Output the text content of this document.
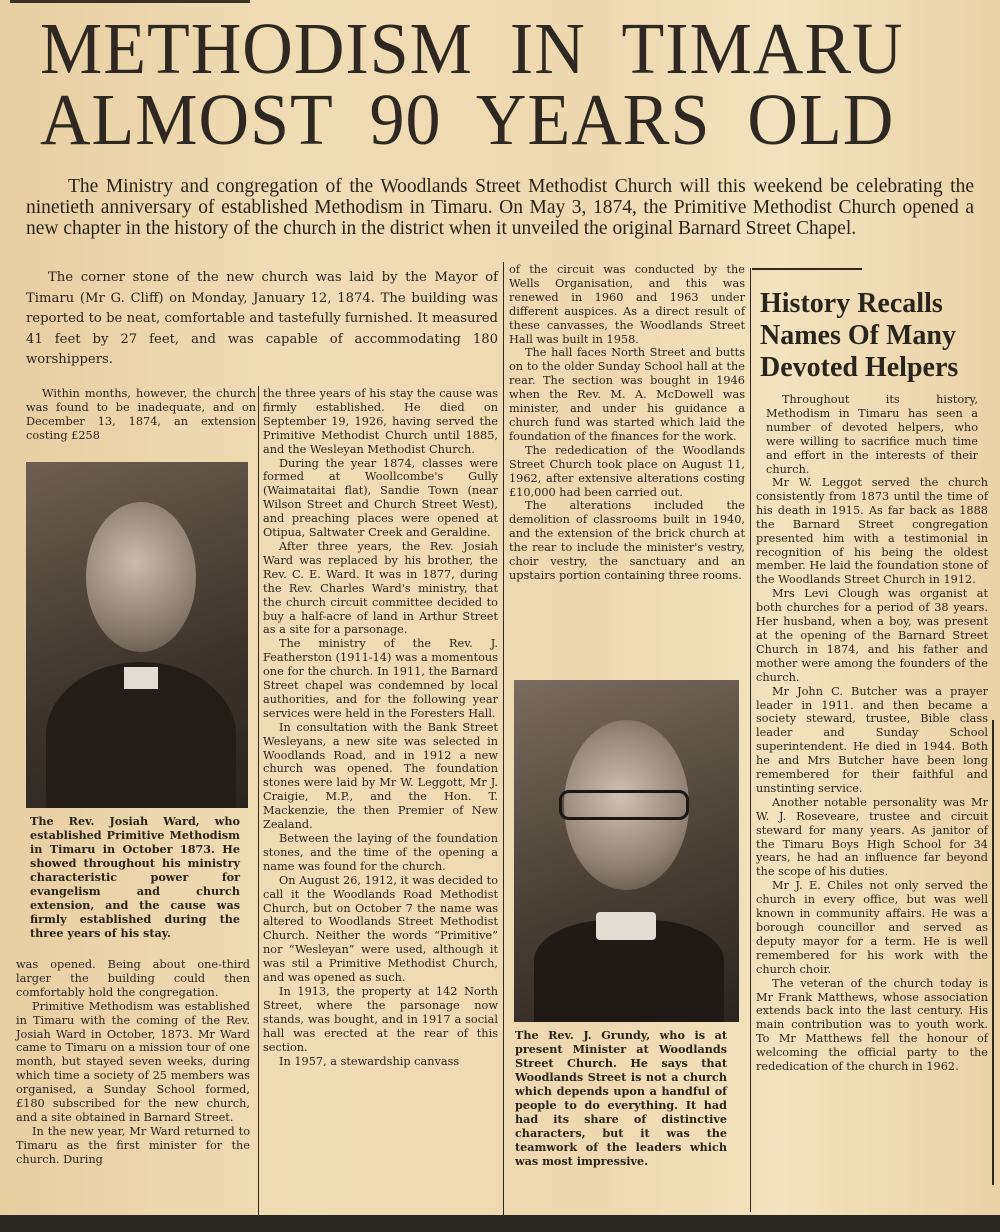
METHODISM  IN  TIMARU
ALMOST  90  YEARS  OLD
The Ministry and congregation of the Woodlands Street Methodist Church will this weekend be celebrating the ninetieth anniversary of established Methodism in Timaru. On May 3, 1874, the Primitive Methodist Church opened a new chapter in the history of the church in the district when it unveiled the original Barnard Street Chapel.
The corner stone of the new church was laid by the Mayor of Timaru (Mr G. Cliff) on Monday, January 12, 1874. The building was reported to be neat, comfortable and tastefully furnished. It measured 41 feet by 27 feet, and was capable of accommodating 180 worshippers.

Within months, however, the church was found to be inadequate, and on December 13, 1874, an extension costing £258

The Rev. Josiah Ward, who established Primitive Methodism in Timaru in October 1873. He showed throughout his ministry characteristic power for evangelism and church extension, and the cause was firmly established during the three years of his stay.

was opened. Being about one-third larger the building could then comfortably hold the congregation.

Primitive Methodism was established in Timaru with the coming of the Rev. Josiah Ward in October, 1873. Mr Ward came to Timaru on a mission tour of one month, but stayed seven weeks, during which time a society of 25 members was organised, a Sunday School formed, £180 subscribed for the new church, and a site obtained in Barnard Street.

In the new year, Mr Ward returned to Timaru as the first minister for the church. During

the three years of his stay the cause was firmly established. He died on September 19, 1926, having served the Primitive Methodist Church until 1885, and the Wesleyan Methodist Church.

During the year 1874, classes were formed at Woollcombe's Gully (Waimataitai flat), Sandie Town (near Wilson Street and Church Street West), and preaching places were opened at Otipua, Saltwater Creek and Geraldine.

After three years, the Rev. Josiah Ward was replaced by his brother, the Rev. C. E. Ward. It was in 1877, during the Rev. Charles Ward's ministry, that the church circuit committee decided to buy a half-acre of land in Arthur Street as a site for a parsonage.

The ministry of the Rev. J. Featherston (1911-14) was a momentous one for the church. In 1911, the Barnard Street chapel was condemned by local authorities, and for the following year services were held in the Foresters Hall.

In consultation with the Bank Street Wesleyans, a new site was selected in Woodlands Road, and in 1912 a new church was opened. The foundation stones were laid by Mr W. Leggott, Mr J. Craigie, M.P., and the Hon. T. Mackenzie, the then Premier of New Zealand.

Between the laying of the foundation stones, and the time of the opening a name was found for the church.

On August 26, 1912, it was decided to call it the Woodlands Road Methodist Church, but on October 7 the name was altered to Woodlands Street Methodist Church. Neither the words “Primitive” nor “Wesleyan” were used, although it was stil a Primitive Methodist Church, and was opened as such.

In 1913, the property at 142 North Street, where the parsonage now stands, was bought, and in 1917 a social hall was erected at the rear of this section.

In 1957, a stewardship canvass

of the circuit was conducted by the Wells Organisation, and this was renewed in 1960 and 1963 under different auspices. As a direct result of these canvasses, the Woodlands Street Hall was built in 1958.

The hall faces North Street and butts on to the older Sunday School hall at the rear. The section was bought in 1946 when the Rev. M. A. McDowell was minister, and under his guidance a church fund was started which laid the foundation of the finances for the work.

The rededication of the Woodlands Street Church took place on August 11, 1962, after extensive alterations costing £10,000 had been carried out.

The alterations included the demolition of classrooms built in 1940, and the extension of the brick church at the rear to include the minister's vestry, choir vestry, the sanctuary and an upstairs portion containing three rooms.

The Rev. J. Grundy, who is at present Minister at Woodlands Street Church. He says that Woodlands Street is not a church which depends upon a handful of people to do everything. It had had its share of distinctive characters, but it was the teamwork of the leaders which was most impressive.
History Recalls Names Of Many Devoted Helpers

Throughout its history, Methodism in Timaru has seen a number of devoted helpers, who were willing to sacrifice much time and effort in the interests of their church.

Mr W. Leggot served the church consistently from 1873 until the time of his death in 1915. As far back as 1888 the Barnard Street congregation presented him with a testimonial in recognition of his being the oldest member. He laid the foundation stone of the Woodlands Street Church in 1912.

Mrs Levi Clough was organist at both churches for a period of 38 years. Her husband, when a boy, was present at the opening of the Barnard Street Church in 1874, and his father and mother were among the founders of the church.

Mr John C. Butcher was a prayer leader in 1911. and then became a society steward, trustee, Bible class leader and Sunday School superintendent. He died in 1944. Both he and Mrs Butcher have been long remembered for their faithful and unstinting service.

Another notable personality was Mr W. J. Roseveare, trustee and circuit steward for many years. As janitor of the Timaru Boys High School for 34 years, he had an influence far beyond the scope of his duties.

Mr J. E. Chiles not only served the church in every office, but was well known in community affairs. He was a borough councillor and served as deputy mayor for a term. He is well remembered for his work with the church choir.

The veteran of the church today is Mr Frank Matthews, whose association extends back into the last century. His main contribution was to youth work. To Mr Matthews fell the honour of welcoming the official party to the rededication of the church in 1962.
